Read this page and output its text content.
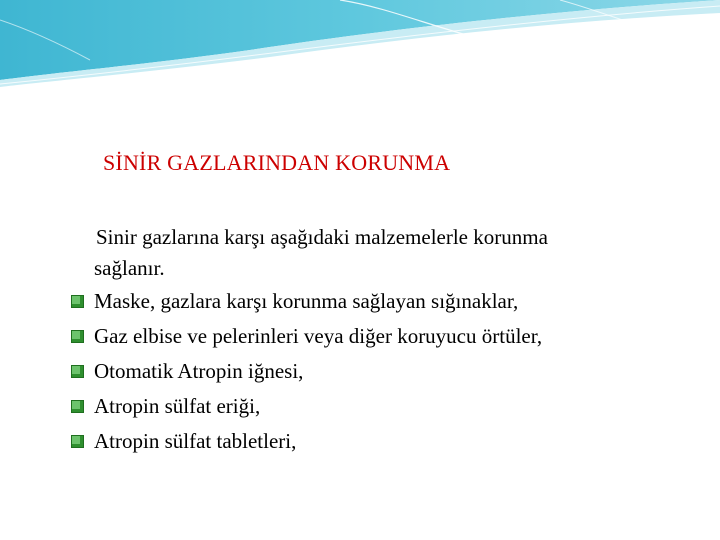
SİNİR GAZLARINDAN KORUNMA

Sinir gazlarına karşı aşağıdaki malzemelerle korunma
sağlanır.

Maske, gazlara karşı korunma sağlayan sığınaklar,
Gaz elbise ve pelerinleri veya diğer koruyucu örtüler,
Otomatik Atropin iğnesi,
Atropin sülfat eriği,
Atropin sülfat tabletleri,
